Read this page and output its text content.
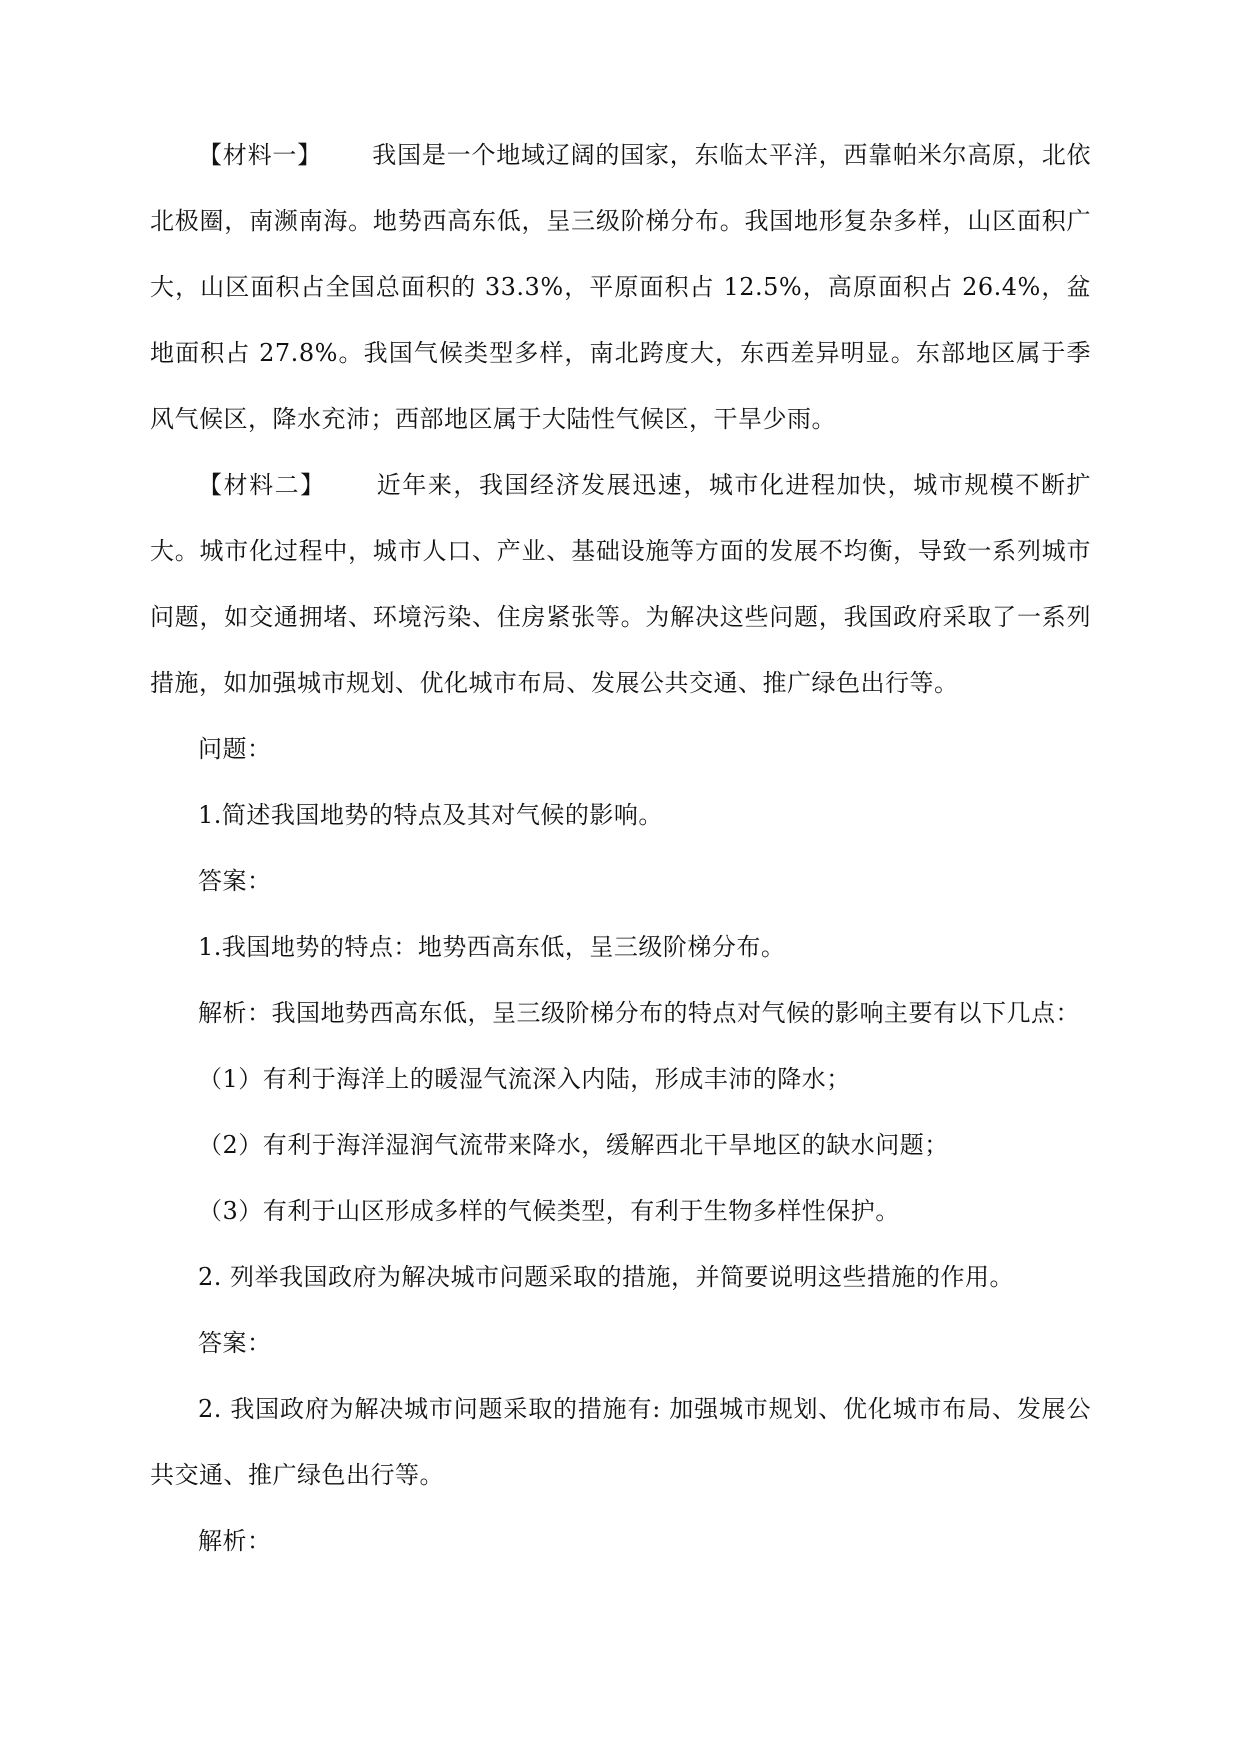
【材料一】 我国是一个地域辽阔的国家，东临太平洋，西靠帕米尔高原，北依北极圈，南濒南海。地势西高东低，呈三级阶梯分布。我国地形复杂多样，山区面积广大，山区面积占全国总面积的 33.3%，平原面积占 12.5%，高原面积占 26.4%，盆地面积占 27.8%。我国气候类型多样，南北跨度大，东西差异明显。东部地区属于季风气候区，降水充沛；西部地区属于大陆性气候区，干旱少雨。

【材料二】 近年来，我国经济发展迅速，城市化进程加快，城市规模不断扩大。城市化过程中，城市人口、产业、基础设施等方面的发展不均衡，导致一系列城市问题，如交通拥堵、环境污染、住房紧张等。为解决这些问题，我国政府采取了一系列措施，如加强城市规划、优化城市布局、发展公共交通、推广绿色出行等。

问题：

1.简述我国地势的特点及其对气候的影响。

答案：

1.我国地势的特点：地势西高东低，呈三级阶梯分布。

解析：我国地势西高东低，呈三级阶梯分布的特点对气候的影响主要有以下几点：

（1）有利于海洋上的暖湿气流深入内陆，形成丰沛的降水；

（2）有利于海洋湿润气流带来降水，缓解西北干旱地区的缺水问题；

（3）有利于山区形成多样的气候类型，有利于生物多样性保护。

2. 列举我国政府为解决城市问题采取的措施，并简要说明这些措施的作用。

答案：

2. 我国政府为解决城市问题采取的措施有: 加强城市规划、优化城市布局、发展公共交通、推广绿色出行等。

解析：
